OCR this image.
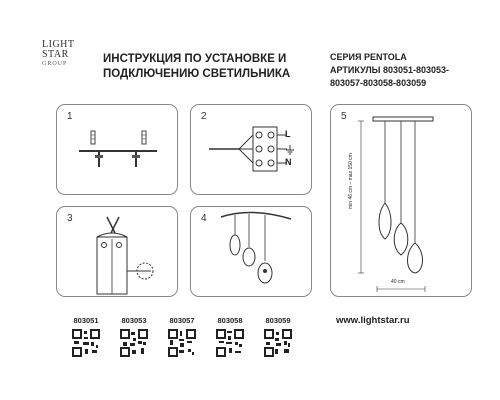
LIGHT
STAR
GROUP	ИНСТРУКЦИЯ ПО УСТАНОВКЕ И
ПОДКЛЮЧЕНИЮ СВЕТИЛЬНИКА
СЕРИЯ PENTOLA
АРТИКУЛЫ 803051-803053-
803057-803058-803059
1	2
L
N
3	4
5
min 46 cm – max 150 cm
40 cm
803051	803053	803057	803058	803059	www.lightstar.ru
